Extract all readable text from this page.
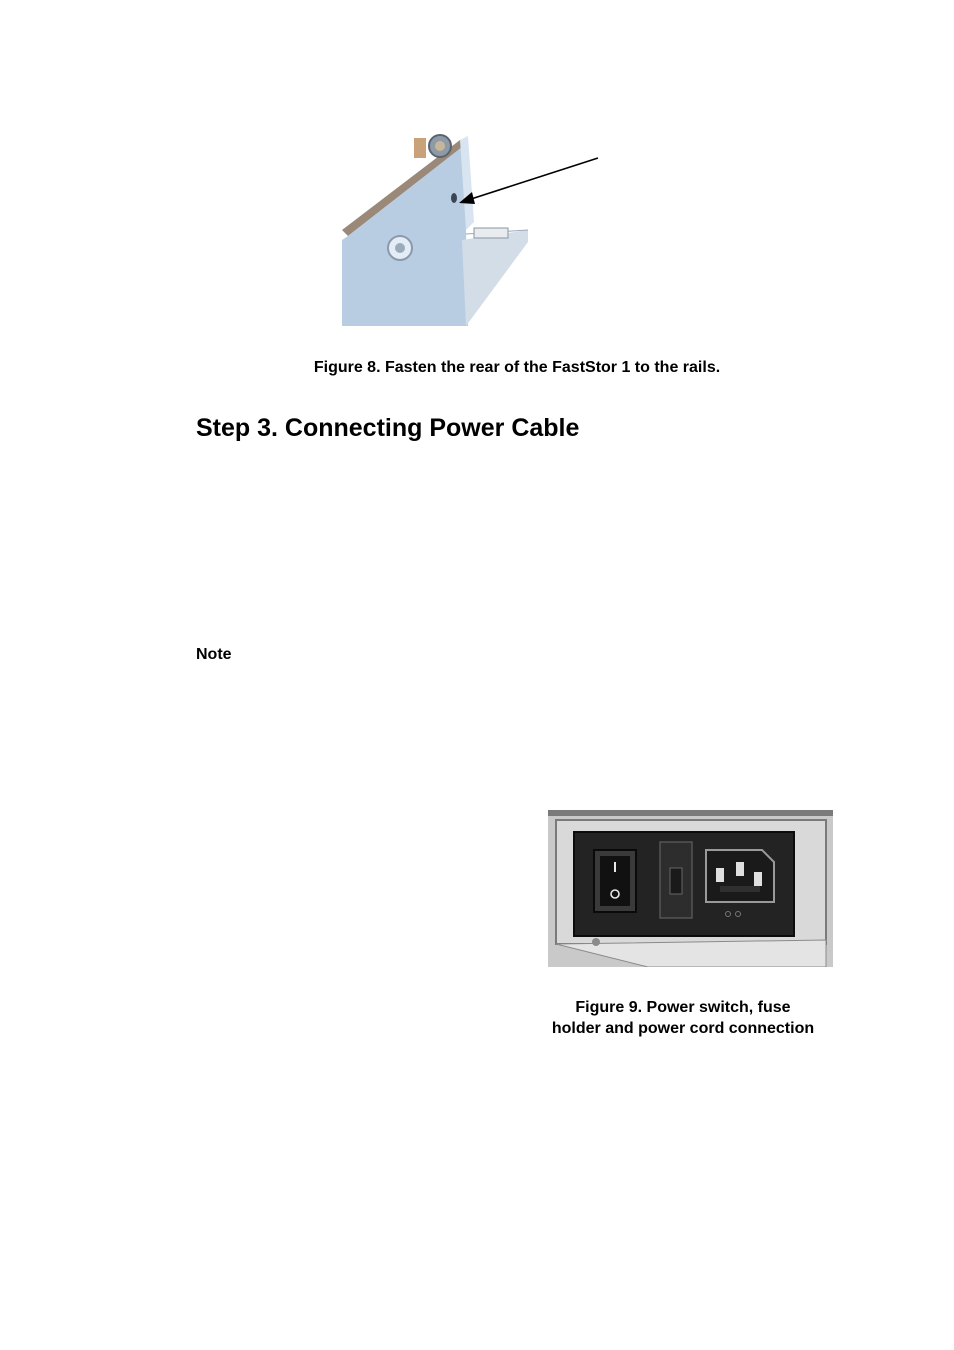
Figure 8. Fasten the rear of the FastStor 1 to the rails.

Step 3. Connecting Power Cable

Note

Figure 9. Power switch, fuse
holder and power cord connection
